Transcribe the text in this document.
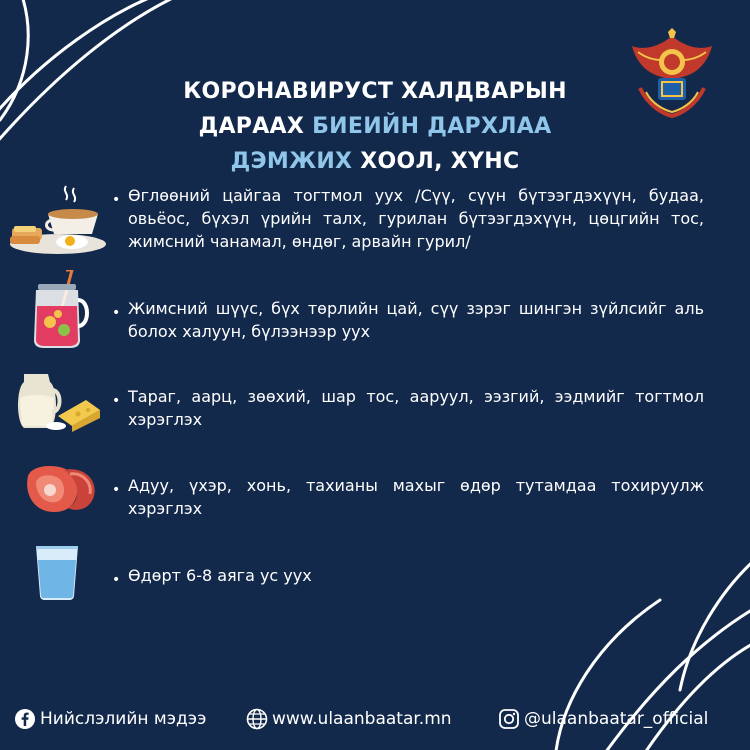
КОРОНАВИРУСТ ХАЛДВАРЫН
ДАРААХ БИЕИЙН ДАРХЛАА
ДЭМЖИХ ХООЛ, ХҮНС
• Өглөөний цайгаа тогтмол уух /Сүү, сүүн бүтээгдэхүүн, будаа, овьёос, бүхэл үрийн талх, гурилан бүтээгдэхүүн, цөцгийн тос, жимсний чанамал, өндөг, арвайн гурил/
• Жимсний шүүс, бүх төрлийн цай, сүү зэрэг шингэн зүйлсийг аль болох халуун, бүлээнээр уух
• Тараг, аарц, зөөхий, шар тос, ааруул, ээзгий, ээдмийг тогтмол хэрэглэх
• Адуу, үхэр, хонь, тахианы махыг өдөр тутамдаа тохируулж хэрэглэх
• Өдөрт 6-8 аяга ус уух
Нийслэлийн мэдээ	www.ulaanbaatar.mn	@ulaanbaatar_official
